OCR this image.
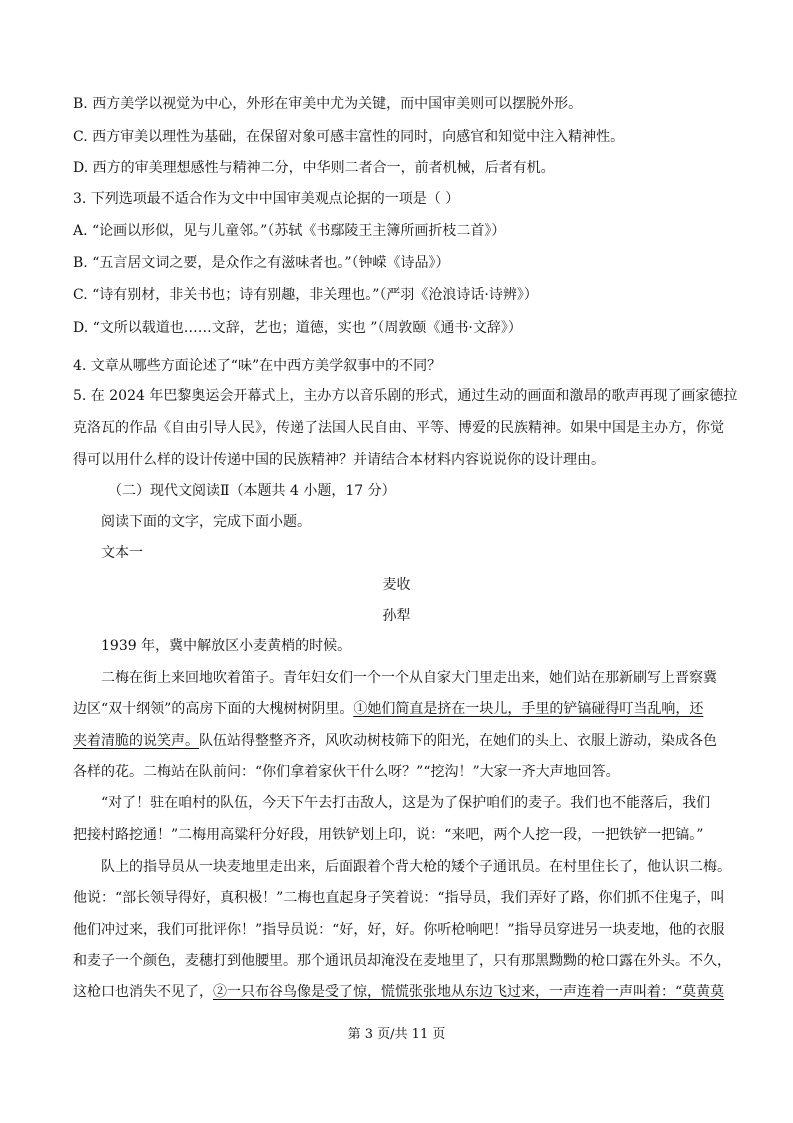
B. 西方美学以视觉为中心，外形在审美中尤为关键，而中国审美则可以摆脱外形。
C. 西方审美以理性为基础，在保留对象可感丰富性的同时，向感官和知觉中注入精神性。
D. 西方的审美理想感性与精神二分，中华则二者合一，前者机械，后者有机。
3. 下列选项最不适合作为文中中国审美观点论据的一项是（ ）
A. “论画以形似，见与儿童邻。”（苏轼《书鄢陵王主簿所画折枝二首》）
B. “五言居文词之要，是众作之有滋味者也。”（钟嵘《诗品》）
C. “诗有别材，非关书也；诗有别趣，非关理也。”（严羽《沧浪诗话·诗辨》）
D. “文所以载道也……文辞，艺也；道德，实也 ”（周敦颐《通书·文辞》）
4. 文章从哪些方面论述了“味”在中西方美学叙事中的不同？
5. 在 2024 年巴黎奥运会开幕式上，主办方以音乐剧的形式，通过生动的画面和激昂的歌声再现了画家德拉
克洛瓦的作品《自由引导人民》，传递了法国人民自由、平等、博爱的民族精神。如果中国是主办方，你觉
得可以用什么样的设计传递中国的民族精神？并请结合本材料内容说说你的设计理由。
（二）现代文阅读Ⅱ（本题共 4 小题，17 分）
阅读下面的文字，完成下面小题。
文本一
麦收
孙犁
1939 年，冀中解放区小麦黄梢的时候。
二梅在街上来回地吹着笛子。青年妇女们一个一个从自家大门里走出来，她们站在那新刷写上晋察冀
边区“双十纲领”的高房下面的大槐树树阴里。①她们简直是挤在一块儿，手里的铲镐碰得叮当乱响，还
夹着清脆的说笑声。队伍站得整整齐齐，风吹动树枝筛下的阳光，在她们的头上、衣服上游动，染成各色
各样的花。二梅站在队前问：“你们拿着家伙干什么呀？”“挖沟！”大家一齐大声地回答。
“对了！驻在咱村的队伍，今天下午去打击敌人，这是为了保护咱们的麦子。我们也不能落后，我们
把接村路挖通！”二梅用高粱秆分好段，用铁铲划上印，说：“来吧，两个人挖一段，一把铁铲一把镐。”
队上的指导员从一块麦地里走出来，后面跟着个背大枪的矮个子通讯员。在村里住长了，他认识二梅。
他说：“部长领导得好，真积极！”二梅也直起身子笑着说：“指导员，我们弄好了路，你们抓不住鬼子，叫
他们冲过来，我们可批评你！”指导员说：“好，好，好。你听枪响吧！”指导员穿进另一块麦地，他的衣服
和麦子一个颜色，麦穗打到他腰里。那个通讯员却淹没在麦地里了，只有那黑黝黝的枪口露在外头。不久，
这枪口也消失不见了，②一只布谷鸟像是受了惊，慌慌张张地从东边飞过来，一声连着一声叫着：“莫黄莫
第 3 页/共 11 页
